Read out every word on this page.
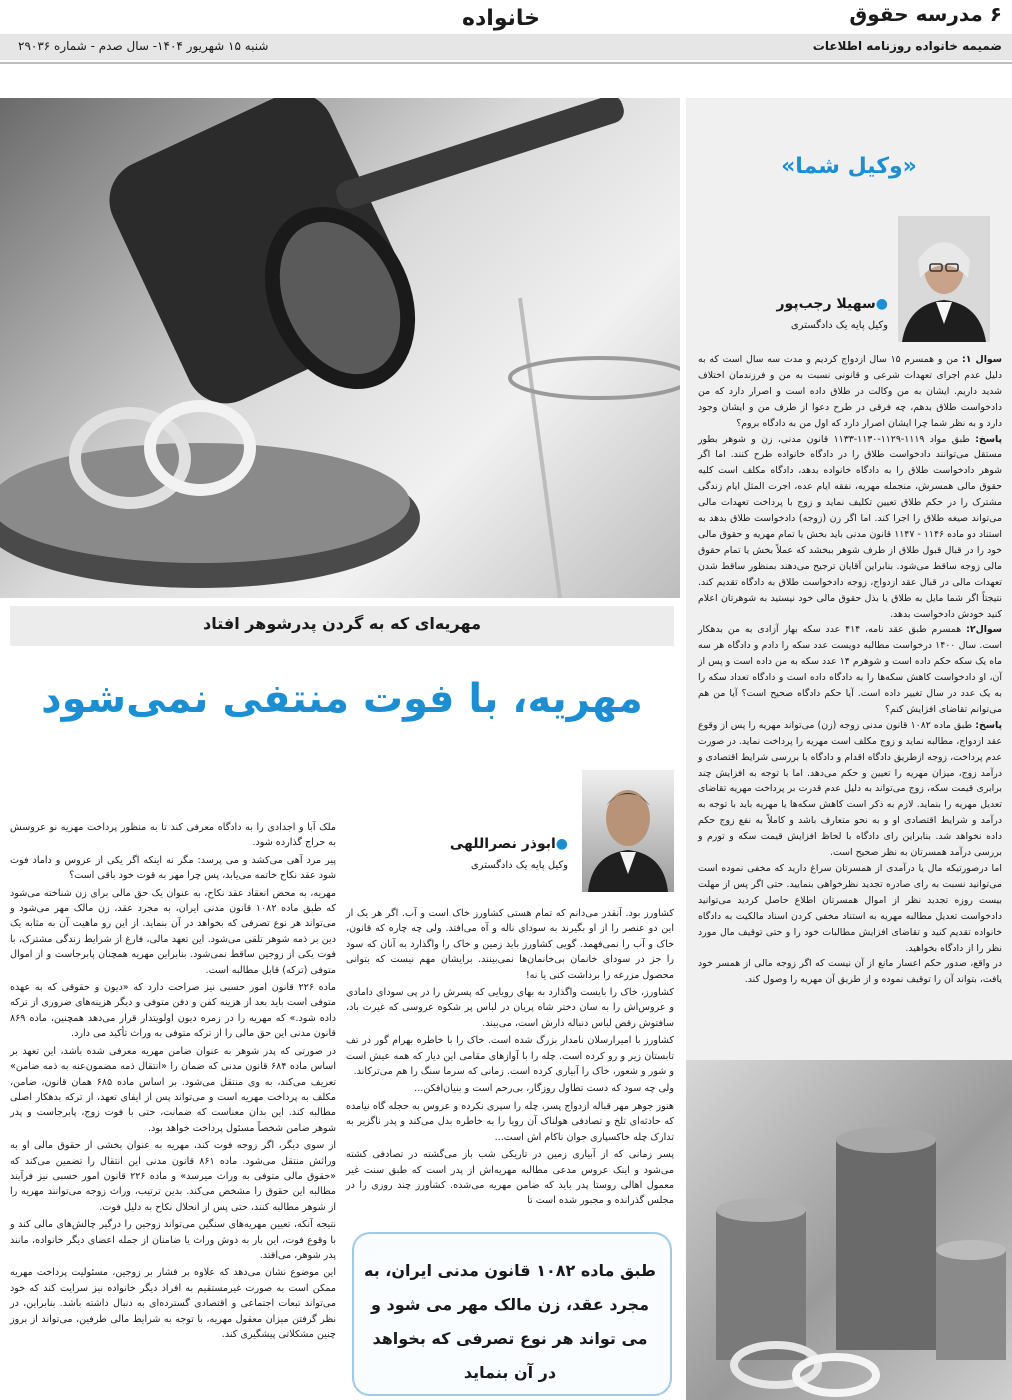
خانواده	۶ مدرسه حقوق
ضمیمه خانواده روزنامه اطلاعات
شنبه ۱۵ شهریور ۱۴۰۴- سال صدم - شماره ۲۹۰۳۶
مهریه‌ای که به گردن پدرشوهر افتاد
مهریه، با فوت منتفی نمی‌شود
●ابوذر نصراللهی
وکیل پایه یک دادگستری

کشاورز بود. آنقدر می‌دانم که تمام هستی کشاورز خاک است و آب. اگر هر یک از این دو عنصر را از او بگیرند به سودای ناله و آه می‌افتد. ولی چه چاره که قانون، خاک و آب را نمی‌فهمد. گویی کشاورز باید زمین و خاک را واگذارد به آنان که سود را جز در سودای خانمان بی‌خانمان‌ها نمی‌بینند. برایشان مهم نیست که بتوانی محصول مزرعه را برداشت کنی یا نه!

کشاورز، خاک را بایست واگذارد به بهای رویایی که پسرش را در پی سودای دامادی و عروس‌اش را به سان دختر شاه پریان در لباس پر شکوه عروسی که غیرت باد، سافتوش رقص لباس دنباله دارش است، می‌بیند.

کشاورز با امیرارسلان نامدار بزرگ شده است. خاک را با خاطره بهرام گور در تف تابستان زیر و رو کرده است. چله را با آوازهای مقامی این دیار که همه عیش است و شور و شعور، خاک را آبیاری کرده است. زمانی که سرما سنگ را هم می‌ترکاند.

ولی چه سود که دست تطاول روزگار، بی‌رحم است و بنیان‌افکن...

هنوز جوهر مهر قباله ازدواج پسر، چله را سپری نکرده و عروس به حجله گاه نیامده که حادثه‌ای تلخ و تصادفی هولناک آن رویا را به خاطره بدل می‌کند و پدر ناگزیر به تدارک چله خاکسپاری جوان ناکام اش است...

پسر زمانی که از آبیاری زمین در تاریکی شب باز می‌گشته در تصادفی کشته می‌شود و اینک عروس مدعی مطالبه مهریه‌اش از پدر است که طبق سنت غیر معمول اهالی روستا پدر باید که ضامن مهریه می‌شده. کشاورز چند روزی را در مجلس گذرانده و مجبور شده است تا

ملک آبا و اجدادی را به دادگاه معرفی کند تا به منظور پرداخت مهریه نو عروسش به حراج گذارده شود.

پیر مرد آهی می‌کشد و می پرسد: مگر نه اینکه اگر یکی از عروس و داماد فوت شود عقد نکاح خاتمه می‌یابد، پس چرا مهر به قوت خود باقی است؟

مهریه، به محض انعقاد عقد نکاح، به عنوان یک حق مالی برای زن شناخته می‌شود که طبق ماده ۱۰۸۲ قانون مدنی ایران، به مجرد عقد، زن مالک مهر می‌شود و می‌تواند هر نوع تصرفی که بخواهد در آن بنماید. از این رو ماهیت آن به مثابه یک دین بر ذمه شوهر تلقی می‌شود. این تعهد مالی، فارغ از شرایط زندگی مشترک، با فوت یکی از زوجین ساقط نمی‌شود. بنابراین مهریه همچنان پابرجاست و از اموال متوفی (ترکه) قابل مطالبه است.

ماده ۲۲۶ قانون امور حسبی نیز صراحت دارد که «دیون و حقوقی که به عهده متوفی است باید بعد از هزینه کفن و دفن متوفی و دیگر هزینه‌های ضروری از ترکه داده شود.» که مهریه را در زمره دیون اولویتدار قرار می‌دهد همچنین، ماده ۸۶۹ قانون مدنی این حق مالی را از ترکه متوفی به وراث تأکید می دارد.

در صورتی که پدر شوهر به عنوان ضامن مهریه معرفی شده باشد، این تعهد بر اساس ماده ۶۸۴ قانون مدنی که ضمان را «انتقال ذمه مضمون‌عنه به ذمه ضامن» تعریف می‌کند، به وی منتقل می‌شود. بر اساس ماده ۶۸۵ همان قانون، ضامن، مکلف به پرداخت مهریه است و می‌تواند پس از ایفای تعهد، از ترکه بدهکار اصلی مطالبه کند. این بدان معناست که ضمانت، حتی با فوت زوج، پابرجاست و پدر شوهر ضامن شخصاً مسئول پرداخت خواهد بود.

از سوی دیگر، اگر زوجه فوت کند، مهریه به عنوان بخشی از حقوق مالی او به وراثش منتقل می‌شود. ماده ۸۶۱ قانون مدنی این انتقال را تضمین می‌کند که «حقوق مالی متوفی به وراث میرسد» و ماده ۲۲۶ قانون امور حسبی نیز فرآیند مطالبه این حقوق را مشخص می‌کند. بدین ترتیب، وراث زوجه می‌توانند مهریه را از شوهر مطالبه کنند، حتی پس از انحلال نکاح به دلیل فوت.

نتیجه آنکه، تعیین مهریه‌های سنگین می‌تواند زوجین را درگیر چالش‌های مالی کند و با وقوع فوت، این بار به دوش وراث یا ضامنان از جمله اعضای دیگر خانواده، مانند پدر شوهر، می‌افتد.

این موضوع نشان می‌دهد که علاوه بر فشار بر زوجین، مسئولیت پرداخت مهریه ممکن است به صورت غیرمستقیم به افراد دیگر خانواده نیز سرایت کند که خود می‌تواند تبعات اجتماعی و اقتصادی گسترده‌ای به دنبال داشته باشد. بنابراین، در نظر گرفتن میزان معقول مهریه، با توجه به شرایط مالی طرفین، می‌تواند از بروز چنین مشکلاتی پیشگیری کند.

طبق ماده ۱۰۸۲ قانون مدنی ایران، به مجرد عقد، زن مالک مهر می شود و می تواند هر نوع تصرفی که بخواهد در آن بنماید
«وکیل شما»
●سهیلا رجب‌پور
وکیل پایه یک دادگستری

سوال ۱: من و همسرم ۱۵ سال ازدواج کردیم و مدت سه سال است که به دلیل عدم اجرای تعهدات شرعی و قانونی نسبت به من و فرزندمان اختلاف شدید داریم. ایشان به من وکالت در طلاق داده است و اصرار دارد که من دادخواست طلاق بدهم، چه فرقی در طرح دعوا از طرف من و ایشان وجود دارد و به نظر شما چرا ایشان اصرار دارد که اول من به دادگاه بروم؟

پاسخ: طبق مواد ۱۱۱۹-۱۱۲۹-۱۱۳۰-۱۱۳۳ قانون مدنی، زن و شوهر بطور مستقل می‌توانند دادخواست طلاق را در دادگاه خانواده طرح کنند. اما اگر شوهر دادخواست طلاق را به دادگاه خانواده بدهد، دادگاه مکلف است کلیه حقوق مالی همسرش، منجمله مهریه، نفقه ایام عده، اجرت المثل ایام زندگی مشترک را در حکم طلاق تعیین تکلیف نماید و زوج با پرداخت تعهدات مالی می‌تواند صیغه طلاق را اجرا کند. اما اگر زن (زوجه) دادخواست طلاق بدهد به استناد دو ماده ۱۱۴۶ - ۱۱۴۷ قانون مدنی باید بخش یا تمام مهریه و حقوق مالی خود را در قبال قبول طلاق از طرف شوهر ببخشد که عملاً بخش یا تمام حقوق مالی زوجه ساقط می‌شود. بنابراین آقایان ترجیح می‌دهند بمنظور ساقط شدن تعهدات مالی در قبال عقد ازدواج، زوجه دادخواست طلاق به دادگاه تقدیم کند. نتیجتاً اگر شما مایل به طلاق یا بذل حقوق مالی خود نیستید به شوهرتان اعلام کنید خودش دادخواست بدهد.

سوال۲: همسرم طبق عقد نامه، ۴۱۴ عدد سکه بهار آزادی به من بدهکار است. سال ۱۴۰۰ درخواست مطالبه دویست عدد سکه را دادم و دادگاه هر سه ماه یک سکه حکم داده است و شوهرم ۱۴ عدد سکه به من داده است و پس از آن، او دادخواست کاهش سکه‌ها را به دادگاه داده است و دادگاه تعداد سکه را به یک عدد در سال تغییر داده است. آیا حکم دادگاه صحیح است؟ آیا من هم می‌توانم تقاضای افزایش کنم؟

پاسخ: طبق ماده ۱۰۸۲ قانون مدنی زوجه (زن) می‌تواند مهریه را پس از وقوع عقد ازدواج، مطالبه نماید و زوج مکلف است مهریه را پرداخت نماید. در صورت عدم پرداخت، زوجه ازطریق دادگاه اقدام و دادگاه با بررسی شرایط اقتصادی و درآمد زوج، میزان مهریه را تعیین و حکم می‌دهد. اما با توجه به افزایش چند برابری قیمت سکه، زوج می‌تواند به دلیل عدم قدرت بر پرداخت مهریه تقاضای تعدیل مهریه را بنماید. لازم به ذکر است کاهش سکه‌ها یا مهریه باید با توجه به درآمد و شرایط اقتصادی او و به نحو متعارف باشد و کاملاً به نفع زوج حکم داده نخواهد شد. بنابراین رای دادگاه با لحاظ افزایش قیمت سکه و تورم و بررسی درآمد همسرتان به نظر صحیح است.

اما درصورتیکه مال یا درآمدی از همسرتان سراغ دارید که مخفی نموده است می‌توانید نسبت به رای صادره تجدید نظرخواهی بنمایید. حتی اگر پس از مهلت بیست روزه تجدید نظر از اموال همسرتان اطلاع حاصل کردید می‌توانید دادخواست تعدیل مطالبه مهریه به استناد مخفی کردن اسناد مالکیت به دادگاه خانواده تقدیم کنید و تقاضای افزایش مطالبات خود را و حتی توقیف مال مورد نظر را از دادگاه بخواهید.

در واقع، صدور حکم اعسار مانع از آن نیست که اگر زوجه مالی از همسر خود یافت، بتواند آن را توقیف نموده و از طریق آن مهریه را وصول کند.
